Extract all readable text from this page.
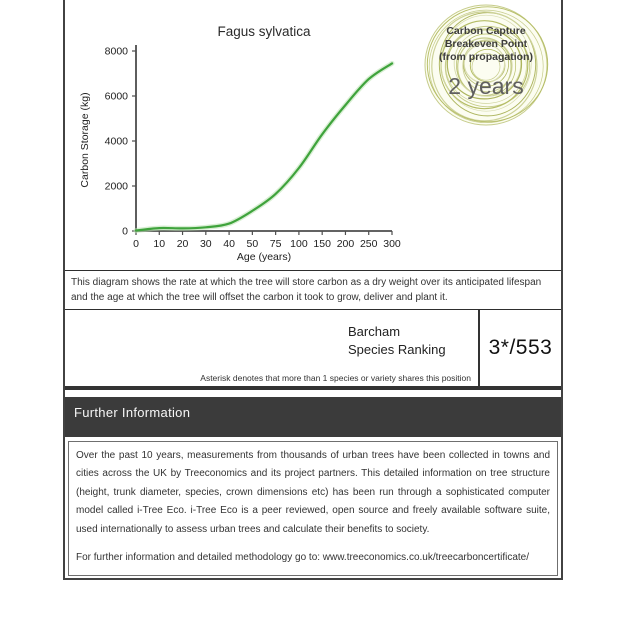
0
2000
4000
6000
8000
0 10 20 30 40 50 75 100 150 200 250 300
Fagus sylvatica
Age (years)
Carbon Storage (kg)
Carbon Capture
Breakeven Point
(from propagation)
2 years
This diagram shows the rate at which the tree will store carbon as a dry weight over its anticipated lifespan and the age at which the tree will offset the carbon it took to grow, deliver and plant it.
Barcham
Species Ranking
Asterisk denotes that more than 1 species or variety shares this position
3*/553
Further Information
Over the past 10 years, measurements from thousands of urban trees have been collected in towns and cities across the UK by Treeconomics and its project partners. This detailed information on tree structure (height, trunk diameter, species, crown dimensions etc) has been run through a sophisticated computer model called i-Tree Eco. i-Tree Eco is a peer reviewed, open source and freely available software suite, used internationally to assess urban trees and calculate their benefits to society.
For further information and detailed methodology go to: www.treeconomics.co.uk/treecarboncertificate/
